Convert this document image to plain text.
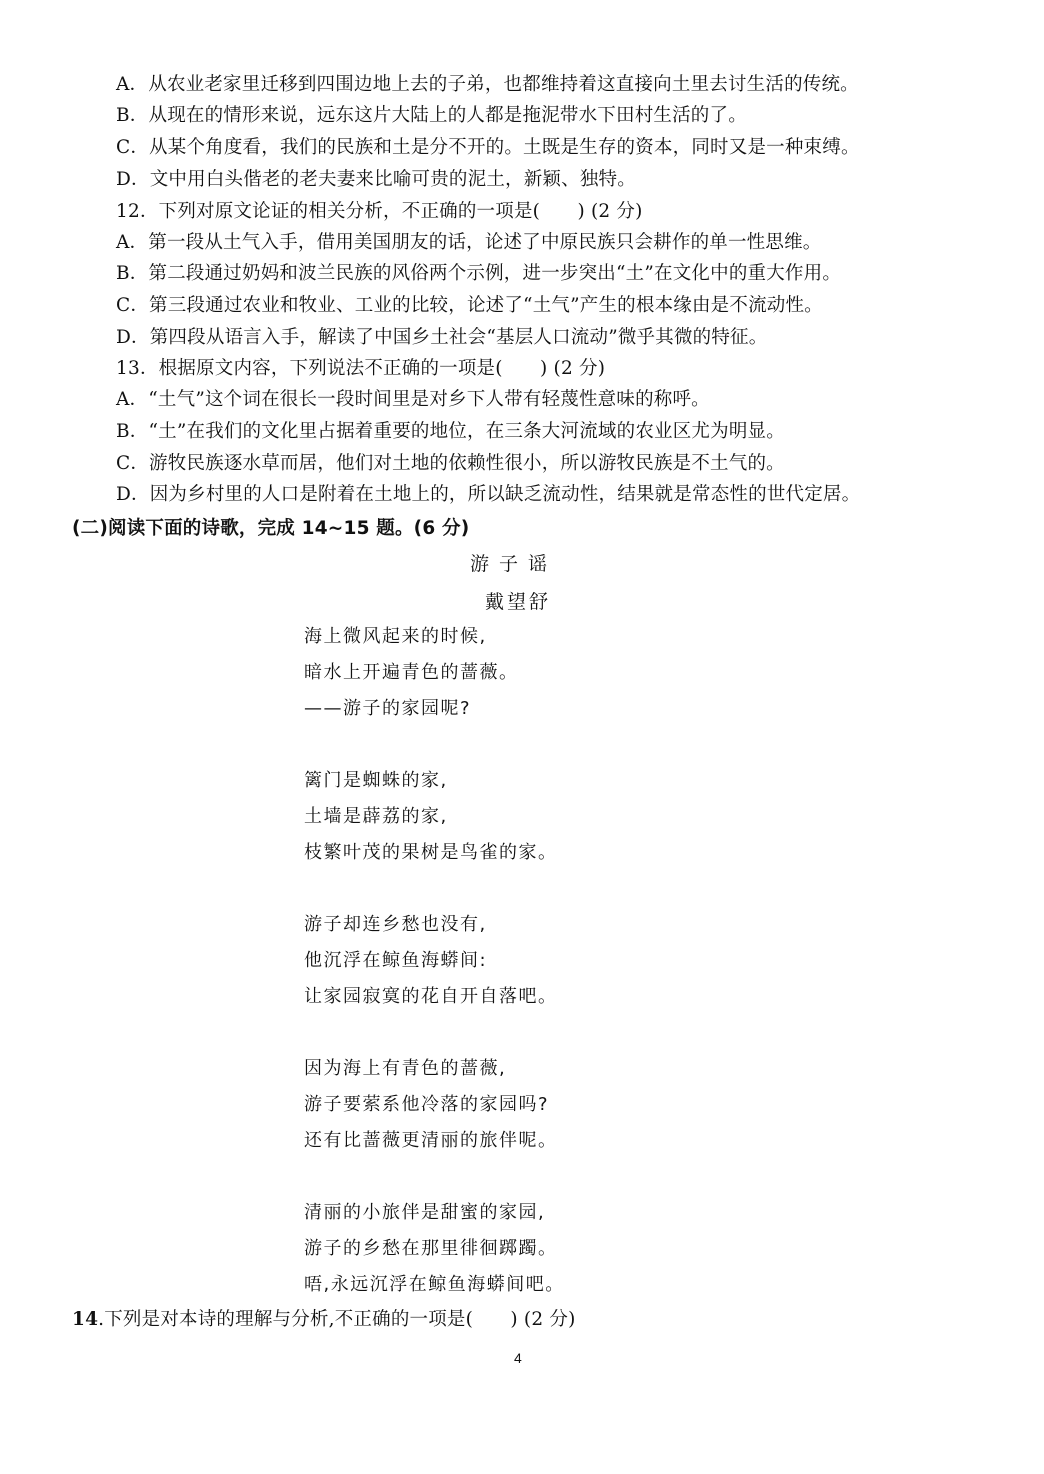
A．从农业老家里迁移到四围边地上去的子弟，也都维持着这直接向土里去讨生活的传统。
B．从现在的情形来说，远东这片大陆上的人都是拖泥带水下田村生活的了。
C．从某个角度看，我们的民族和土是分不开的。土既是生存的资本，同时又是一种束缚。
D．文中用白头偕老的老夫妻来比喻可贵的泥土，新颖、独特。
12．下列对原文论证的相关分析，不正确的一项是(　　) (2 分)
A．第一段从土气入手，借用美国朋友的话，论述了中原民族只会耕作的单一性思维。
B．第二段通过奶妈和波兰民族的风俗两个示例，进一步突出“土”在文化中的重大作用。
C．第三段通过农业和牧业、工业的比较，论述了“土气”产生的根本缘由是不流动性。
D．第四段从语言入手，解读了中国乡土社会“基层人口流动”微乎其微的特征。
13．根据原文内容，下列说法不正确的一项是(　　) (2 分)
A．“土气”这个词在很长一段时间里是对乡下人带有轻蔑性意味的称呼。
B．“土”在我们的文化里占据着重要的地位，在三条大河流域的农业区尤为明显。
C．游牧民族逐水草而居，他们对土地的依赖性很小，所以游牧民族是不土气的。
D．因为乡村里的人口是附着在土地上的，所以缺乏流动性，结果就是常态性的世代定居。
(二)阅读下面的诗歌，完成 14~15 题。(6 分)
游子谣
戴望舒
海上微风起来的时候,
暗水上开遍青色的蔷薇。
——游子的家园呢?
篱门是蜘蛛的家,
土墙是薜荔的家,
枝繁叶茂的果树是鸟雀的家。
游子却连乡愁也没有,
他沉浮在鲸鱼海蟒间:
让家园寂寞的花自开自落吧。
因为海上有青色的蔷薇,
游子要萦系他冷落的家园吗?
还有比蔷薇更清丽的旅伴呢。
清丽的小旅伴是甜蜜的家园,
游子的乡愁在那里徘徊踯躅。
唔,永远沉浮在鲸鱼海蟒间吧。
14.下列是对本诗的理解与分析,不正确的一项是(　　) (2 分)
4
